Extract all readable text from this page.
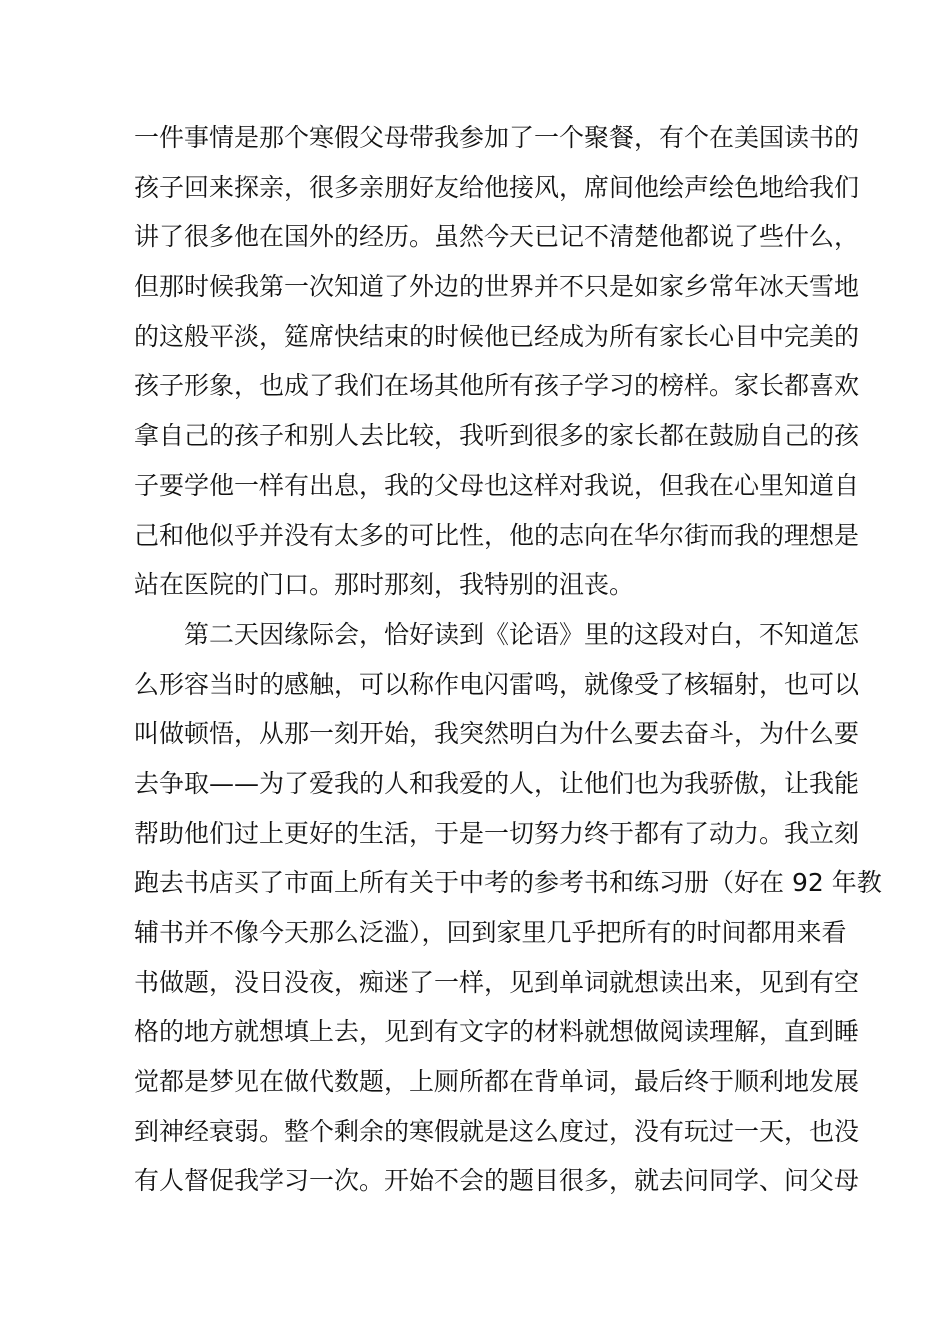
一件事情是那个寒假父母带我参加了一个聚餐，有个在美国读书的
孩子回来探亲，很多亲朋好友给他接风，席间他绘声绘色地给我们
讲了很多他在国外的经历。虽然今天已记不清楚他都说了些什么，
但那时候我第一次知道了外边的世界并不只是如家乡常年冰天雪地
的这般平淡，筵席快结束的时候他已经成为所有家长心目中完美的
孩子形象，也成了我们在场其他所有孩子学习的榜样。家长都喜欢
拿自己的孩子和别人去比较，我听到很多的家长都在鼓励自己的孩
子要学他一样有出息，我的父母也这样对我说，但我在心里知道自
己和他似乎并没有太多的可比性，他的志向在华尔街而我的理想是
站在医院的门口。那时那刻，我特别的沮丧。
第二天因缘际会，恰好读到《论语》里的这段对白，不知道怎
么形容当时的感触，可以称作电闪雷鸣，就像受了核辐射，也可以
叫做顿悟，从那一刻开始，我突然明白为什么要去奋斗，为什么要
去争取——为了爱我的人和我爱的人，让他们也为我骄傲，让我能
帮助他们过上更好的生活，于是一切努力终于都有了动力。我立刻
跑去书店买了市面上所有关于中考的参考书和练习册（好在 92 年教
辅书并不像今天那么泛滥），回到家里几乎把所有的时间都用来看
书做题，没日没夜，痴迷了一样，见到单词就想读出来，见到有空
格的地方就想填上去，见到有文字的材料就想做阅读理解，直到睡
觉都是梦见在做代数题，上厕所都在背单词，最后终于顺利地发展
到神经衰弱。整个剩余的寒假就是这么度过，没有玩过一天，也没
有人督促我学习一次。开始不会的题目很多，就去问同学、问父母
